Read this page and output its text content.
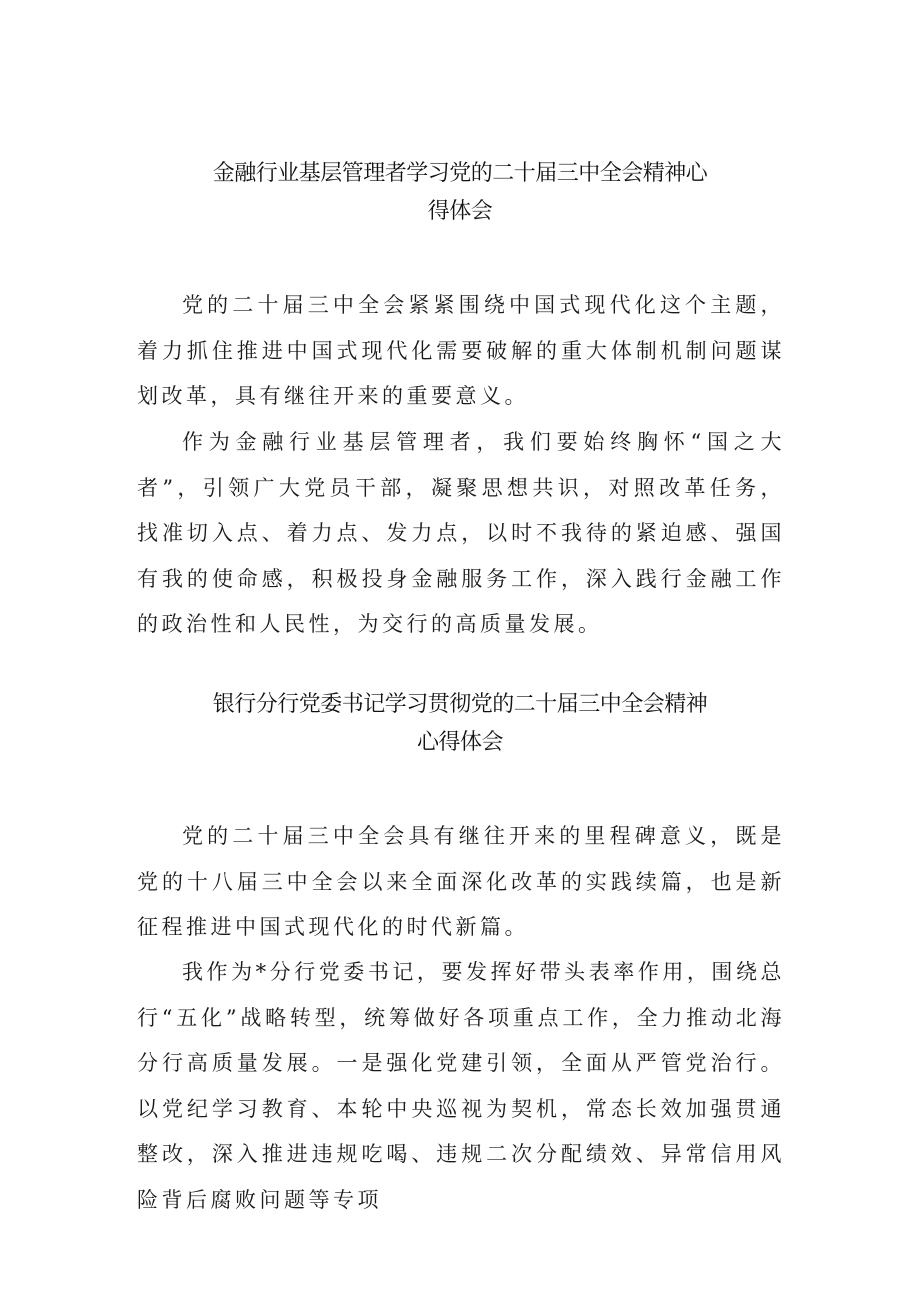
金融行业基层管理者学习党的二十届三中全会精神心
得体会

党的二十届三中全会紧紧围绕中国式现代化这个主题，着力抓住推进中国式现代化需要破解的重大体制机制问题谋划改革，具有继往开来的重要意义。

作为金融行业基层管理者，我们要始终胸怀“国之大者”，引领广大党员干部，凝聚思想共识，对照改革任务，找准切入点、着力点、发力点，以时不我待的紧迫感、强国有我的使命感，积极投身金融服务工作，深入践行金融工作的政治性和人民性，为交行的高质量发展。

银行分行党委书记学习贯彻党的二十届三中全会精神
心得体会

党的二十届三中全会具有继往开来的里程碑意义，既是党的十八届三中全会以来全面深化改革的实践续篇，也是新征程推进中国式现代化的时代新篇。

我作为*分行党委书记，要发挥好带头表率作用，围绕总行“五化”战略转型，统筹做好各项重点工作，全力推动北海分行高质量发展。一是强化党建引领，全面从严管党治行。以党纪学习教育、本轮中央巡视为契机，常态长效加强贯通整改，深入推进违规吃喝、违规二次分配绩效、异常信用风险背后腐败问题等专项
